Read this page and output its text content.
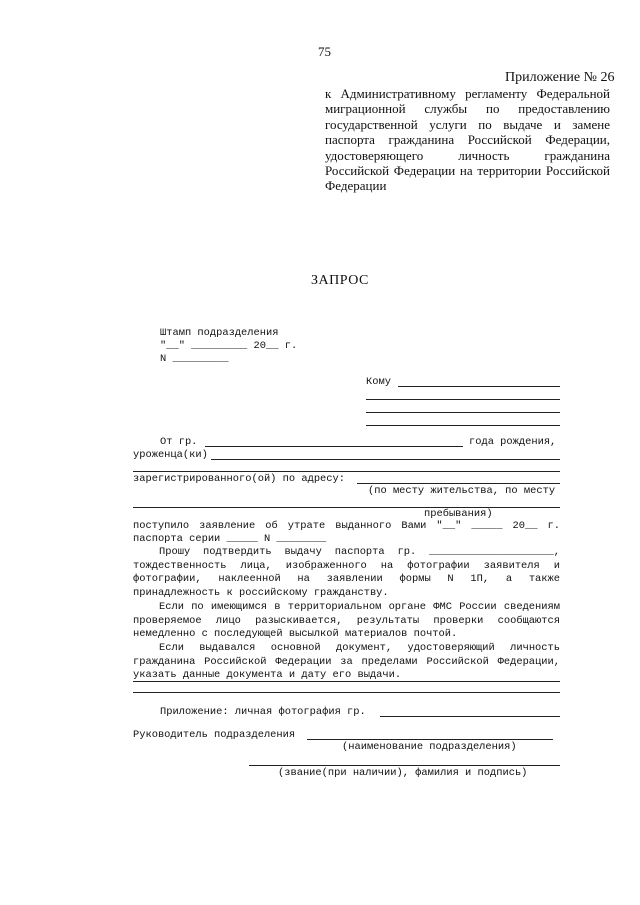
75
Приложение № 26
к Административному регламенту Федеральной миграционной службы по предоставлению государственной услуги по выдаче и замене паспорта гражданина Российской Федерации, удостоверяющего личность гражданина Российской Федерации на территории Российской Федерации
ЗАПРОС
Штамп подразделения
"__" _________ 20__ г.
N _________
Кому
От гр.	года рождения,
уроженца(ки)
зарегистрированного(ой) по адресу:
(по месту жительства, по месту
пребывания)
поступило заявление об утрате выданного Вами "__" _____ 20__ г.
паспорта серии _____ N ________
Прошу подтвердить выдачу паспорта гр. ____________________, тождественность лица, изображенного на фотографии заявителя и фотографии, наклеенной на заявлении формы N 1П, а также принадлежность к российскому гражданству.
Если по имеющимся в территориальном органе ФМС России сведениям проверяемое лицо разыскивается, результаты проверки сообщаются немедленно с последующей высылкой материалов почтой.
Если выдавался основной документ, удостоверяющий личность гражданина Российской Федерации за пределами Российской Федерации, указать данные документа и дату его выдачи.
Приложение: личная фотография гр.
Руководитель подразделения
(наименование подразделения)
(звание(при наличии), фамилия и подпись)
